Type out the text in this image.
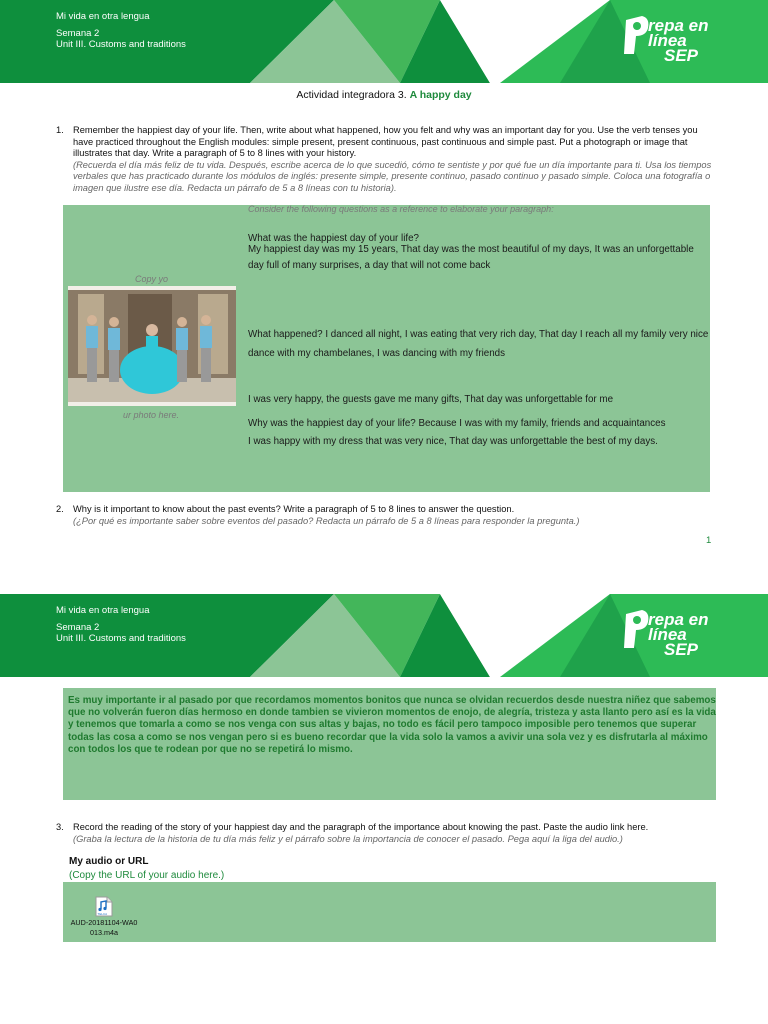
Mi vida en otra lengua
Semana 2
Unit III. Customs and traditions
repa en
línea
SEP
Actividad integradora 3. A happy day
1. Remember the happiest day of your life. Then, write about what happened, how you felt and why was an important day for you. Use the verb tenses you have practiced throughout the English modules: simple present, present continuous, past continuous and simple past. Put a photograph or image that illustrates that day. Write a paragraph of 5 to 8 lines with your history.
(Recuerda el día más feliz de tu vida. Después, escribe acerca de lo que sucedió, cómo te sentiste y por qué fue un día importante para ti. Usa los tiempos verbales que has practicado durante los módulos de inglés: presente simple, presente continuo, pasado continuo y pasado simple. Coloca una fotografía o imagen que ilustre ese día. Redacta un párrafo de 5 a 8 líneas con tu historia).
Consider the following questions as a reference to elaborate your paragraph:
Copy yo
ur photo here.
What was the happiest day of your life?
My happiest day was my 15 years, That day was the most beautiful of my days, It was an unforgettable day full of many surprises, a day that will not come back
What happened? I danced all night, I was eating that very rich day, That day I reach all my family very nice dance with my chambelanes, I was dancing with my friends
I was very happy, the guests gave me many gifts, That day was unforgettable for me
Why was the happiest day of your life? Because I was with my family, friends and acquaintances
I was happy with my dress that was very nice, That day was unforgettable the best of my days.
2. Why is it important to know about the past events? Write a paragraph of 5 to 8 lines to answer the question.
(¿Por qué es importante saber sobre eventos del pasado? Redacta un párrafo de 5 a 8 líneas para responder la pregunta.)
1
Mi vida en otra lengua
Semana 2
Unit III. Customs and traditions
repa en
línea
SEP
Es muy importante ir al pasado por que recordamos momentos bonitos que nunca se olvidan recuerdos desde nuestra niñez que sabemos que no volverán fueron días hermoso en donde tambien se vivieron momentos de enojo, de alegría, tristeza y asta llanto pero así es la vida y tenemos que tomarla a como se nos venga con sus altas y bajas, no todo es fácil pero tampoco imposible pero tenemos que superar todas las cosa a como se nos vengan pero si es bueno recordar que la vida solo la vamos a avivir una sola vez y es disfrutarla al máximo con todos los que te rodean por que no se repetirá lo mismo.
3. Record the reading of the story of your happiest day and the paragraph of the importance about knowing the past. Paste the audio link here.
(Graba la lectura de la historia de tu día más feliz y el párrafo sobre la importancia de conocer el pasado. Pega aquí la liga del audio.)
My audio or URL
(Copy the URL of your audio here.)
TELCA
AUD-20181104-WA0
013.m4a
